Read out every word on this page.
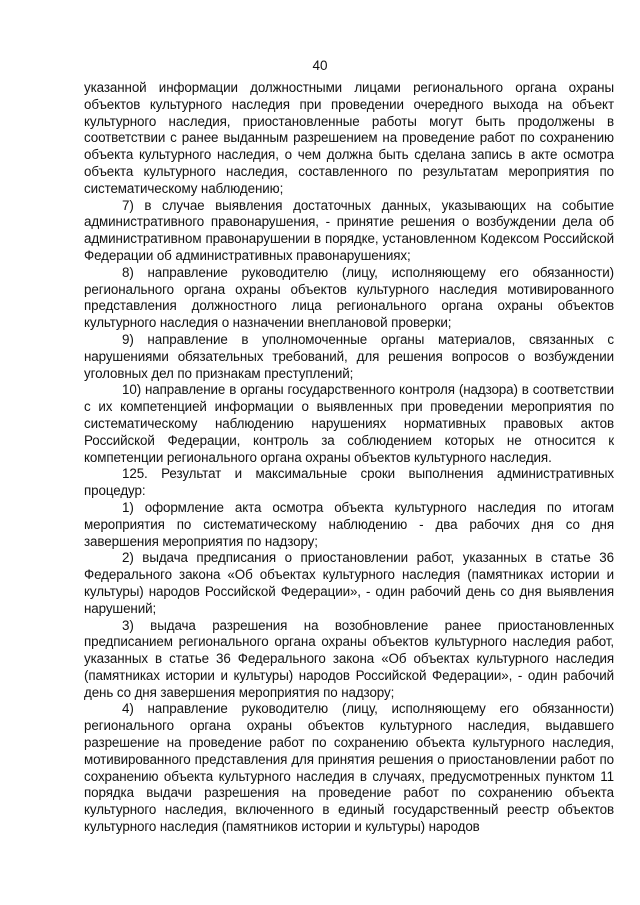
40

указанной информации должностными лицами регионального органа охраны объектов культурного наследия при проведении очередного выхода на объект культурного наследия, приостановленные работы могут быть продолжены в соответствии с ранее выданным разрешением на проведение работ по сохранению объекта культурного наследия, о чем должна быть сделана запись в акте осмотра объекта культурного наследия, составленного по результатам мероприятия по систематическому наблюдению;

7) в случае выявления достаточных данных, указывающих на событие административного правонарушения, - принятие решения о возбуждении дела об административном правонарушении в порядке, установленном Кодексом Российской Федерации об административных правонарушениях;

8) направление руководителю (лицу, исполняющему его обязанности) регионального органа охраны объектов культурного наследия мотивированного представления должностного лица регионального органа охраны объектов культурного наследия о назначении внеплановой проверки;

9) направление в уполномоченные органы материалов, связанных с нарушениями обязательных требований, для решения вопросов о возбуждении уголовных дел по признакам преступлений;

10) направление в органы государственного контроля (надзора) в соответствии с их компетенцией информации о выявленных при проведении мероприятия по систематическому наблюдению нарушениях нормативных правовых актов Российской Федерации, контроль за соблюдением которых не относится к компетенции регионального органа охраны объектов культурного наследия.

125. Результат и максимальные сроки выполнения административных процедур:

1) оформление акта осмотра объекта культурного наследия по итогам мероприятия по систематическому наблюдению - два рабочих дня со дня завершения мероприятия по надзору;

2) выдача предписания о приостановлении работ, указанных в статье 36 Федерального закона «Об объектах культурного наследия (памятниках истории и культуры) народов Российской Федерации», - один рабочий день со дня выявления нарушений;

3) выдача разрешения на возобновление ранее приостановленных предписанием регионального органа охраны объектов культурного наследия работ, указанных в статье 36 Федерального закона «Об объектах культурного наследия (памятниках истории и культуры) народов Российской Федерации», - один рабочий день со дня завершения мероприятия по надзору;

4) направление руководителю (лицу, исполняющему его обязанности) регионального органа охраны объектов культурного наследия, выдавшего разрешение на проведение работ по сохранению объекта культурного наследия, мотивированного представления для принятия решения о приостановлении работ по сохранению объекта культурного наследия в случаях, предусмотренных пунктом 11 порядка выдачи разрешения на проведение работ по сохранению объекта культурного наследия, включенного в единый государственный реестр объектов культурного наследия (памятников истории и культуры) народов
